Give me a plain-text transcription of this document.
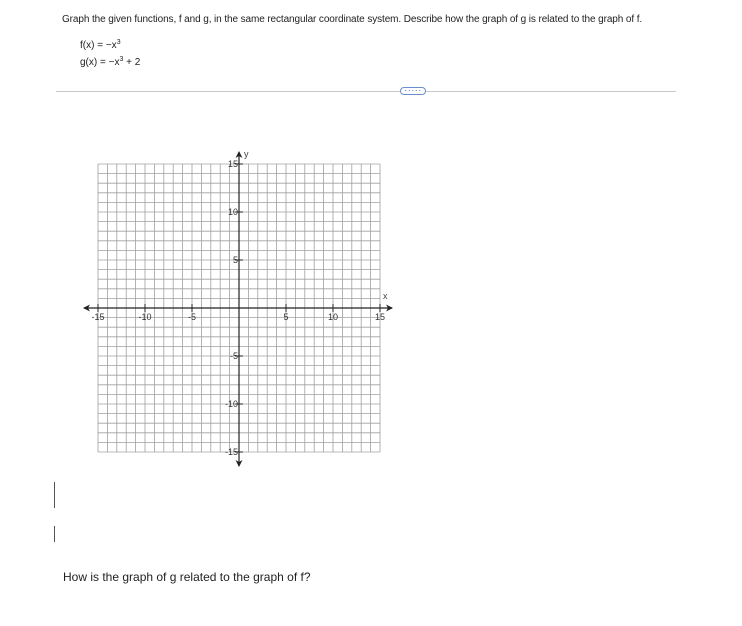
Graph the given functions, f and g, in the same rectangular coordinate system. Describe how the graph of g is related to the graph of f.
$f(x) = -x^3$
$g(x) = -x^3 + 2$
·····
x
y
-15	-10	-5	5	10	15
15
10
5
-5
-10
-15
How is the graph of g related to the graph of f?
